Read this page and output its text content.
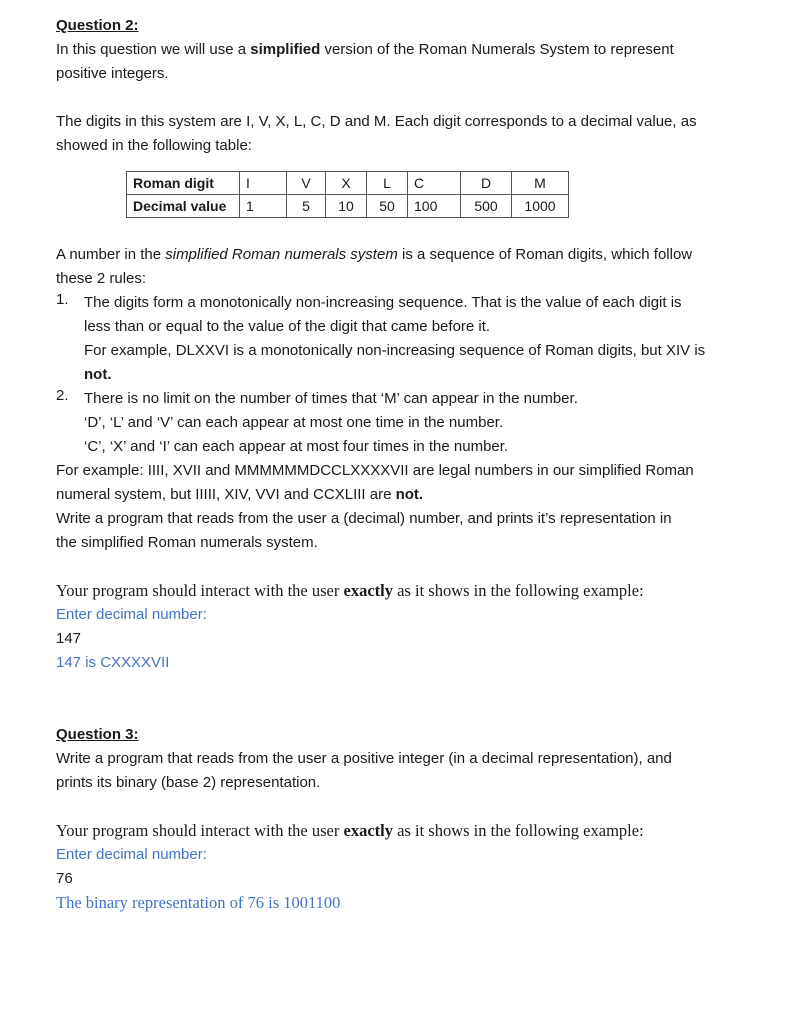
Question 2:

In this question we will use a simplified version of the Roman Numerals System to represent

positive integers.

The digits in this system are I, V, X, L, C, D and M. Each digit corresponds to a decimal value, as

showed in the following table:

Roman digit	I	V	X	L	C	D	M
Decimal value	1	5	10	50	100	500	1000

A number in the simplified Roman numerals system is a sequence of Roman digits, which follow

these 2 rules:

1. The digits form a monotonically non-increasing sequence. That is the value of each digit is

less than or equal to the value of the digit that came before it.

For example, DLXXVI is a monotonically non-increasing sequence of Roman digits, but XIV is

not.

2. There is no limit on the number of times that ‘M’ can appear in the number.

‘D’, ‘L’ and ‘V’ can each appear at most one time in the number.

‘C’, ‘X’ and ‘I’ can each appear at most four times in the number.

For example: IIII, XVII and MMMMMMDCCLXXXXVII are legal numbers in our simplified Roman

numeral system, but IIIII, XIV, VVI and CCXLIII are not.

Write a program that reads from the user a (decimal) number, and prints it’s representation in

the simplified Roman numerals system.

Your program should interact with the user exactly as it shows in the following example:

Enter decimal number:

147

147 is CXXXXVII

Question 3:

Write a program that reads from the user a positive integer (in a decimal representation), and

prints its binary (base 2) representation.

Your program should interact with the user exactly as it shows in the following example:

Enter decimal number:

76

The binary representation of 76 is 1001100
